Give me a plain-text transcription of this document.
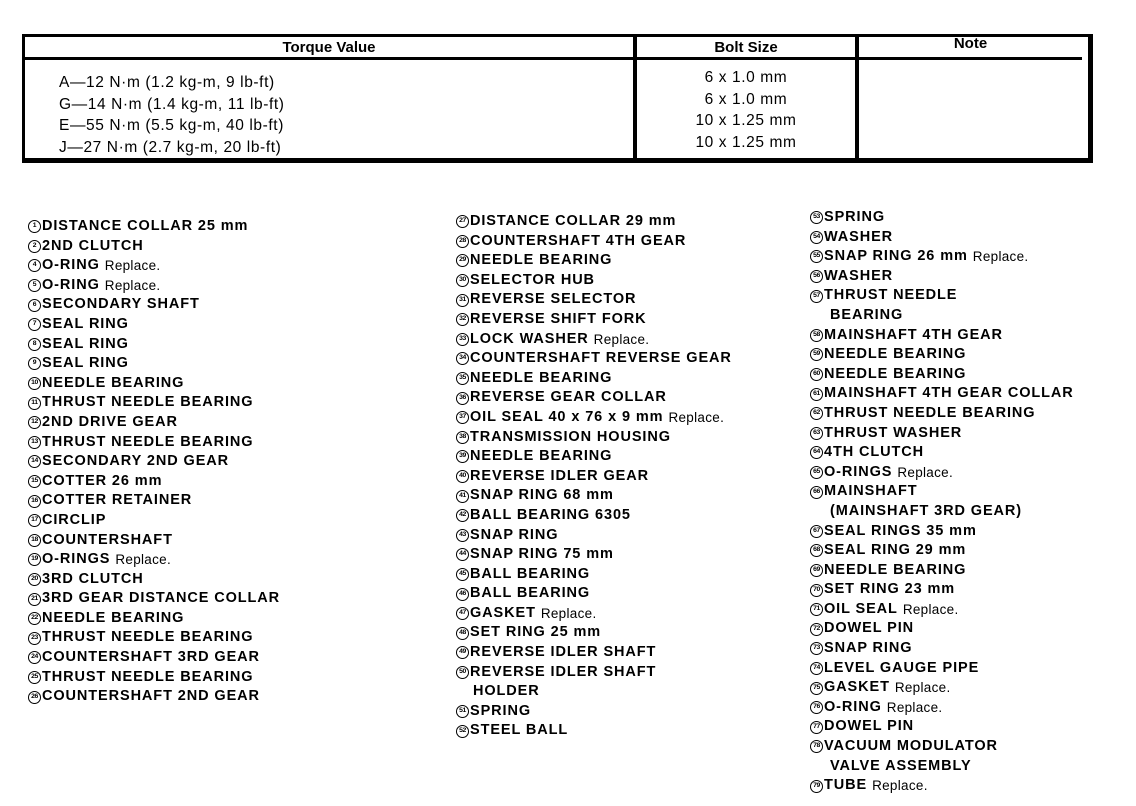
Torque Value
A—12 N·m (1.2 kg-m, 9 lb-ft)
G—14 N·m (1.4 kg-m, 11 lb-ft)
E—55 N·m (5.5 kg-m, 40 lb-ft)
J—27 N·m (2.7 kg-m, 20 lb-ft)
Bolt Size
6 x 1.0 mm
6 x 1.0 mm
10 x 1.25 mm
10 x 1.25 mm
Note
1 DISTANCE COLLAR 25 mm
2 2ND CLUTCH
4 O-RING Replace.
5 O-RING Replace.
6 SECONDARY SHAFT
7 SEAL RING
8 SEAL RING
9 SEAL RING
10 NEEDLE BEARING
11 THRUST NEEDLE BEARING
12 2ND DRIVE GEAR
13 THRUST NEEDLE BEARING
14 SECONDARY 2ND GEAR
15 COTTER 26 mm
16 COTTER RETAINER
17 CIRCLIP
18 COUNTERSHAFT
19 O-RINGS Replace.
20 3RD CLUTCH
21 3RD GEAR DISTANCE COLLAR
22 NEEDLE BEARING
23 THRUST NEEDLE BEARING
24 COUNTERSHAFT 3RD GEAR
25 THRUST NEEDLE BEARING
26 COUNTERSHAFT 2ND GEAR
27 DISTANCE COLLAR 29 mm
28 COUNTERSHAFT 4TH GEAR
29 NEEDLE BEARING
30 SELECTOR HUB
31 REVERSE SELECTOR
32 REVERSE SHIFT FORK
33 LOCK WASHER Replace.
34 COUNTERSHAFT REVERSE GEAR
35 NEEDLE BEARING
36 REVERSE GEAR COLLAR
37 OIL SEAL 40 x 76 x 9 mm Replace.
38 TRANSMISSION HOUSING
39 NEEDLE BEARING
40 REVERSE IDLER GEAR
41 SNAP RING 68 mm
42 BALL BEARING 6305
43 SNAP RING
44 SNAP RING 75 mm
45 BALL BEARING
46 BALL BEARING
47 GASKET Replace.
48 SET RING 25 mm
49 REVERSE IDLER SHAFT
50 REVERSE IDLER SHAFT
HOLDER
51 SPRING
52 STEEL BALL
53 SPRING
54 WASHER
55 SNAP RING 26 mm Replace.
56 WASHER
57 THRUST NEEDLE
BEARING
58 MAINSHAFT 4TH GEAR
59 NEEDLE BEARING
60 NEEDLE BEARING
61 MAINSHAFT 4TH GEAR COLLAR
62 THRUST NEEDLE BEARING
63 THRUST WASHER
64 4TH CLUTCH
65 O-RINGS Replace.
66 MAINSHAFT
(MAINSHAFT 3RD GEAR)
67 SEAL RINGS 35 mm
68 SEAL RING 29 mm
69 NEEDLE BEARING
70 SET RING 23 mm
71 OIL SEAL Replace.
72 DOWEL PIN
73 SNAP RING
74 LEVEL GAUGE PIPE
75 GASKET Replace.
76 O-RING Replace.
77 DOWEL PIN
78 VACUUM MODULATOR
VALVE ASSEMBLY
79 TUBE Replace.
